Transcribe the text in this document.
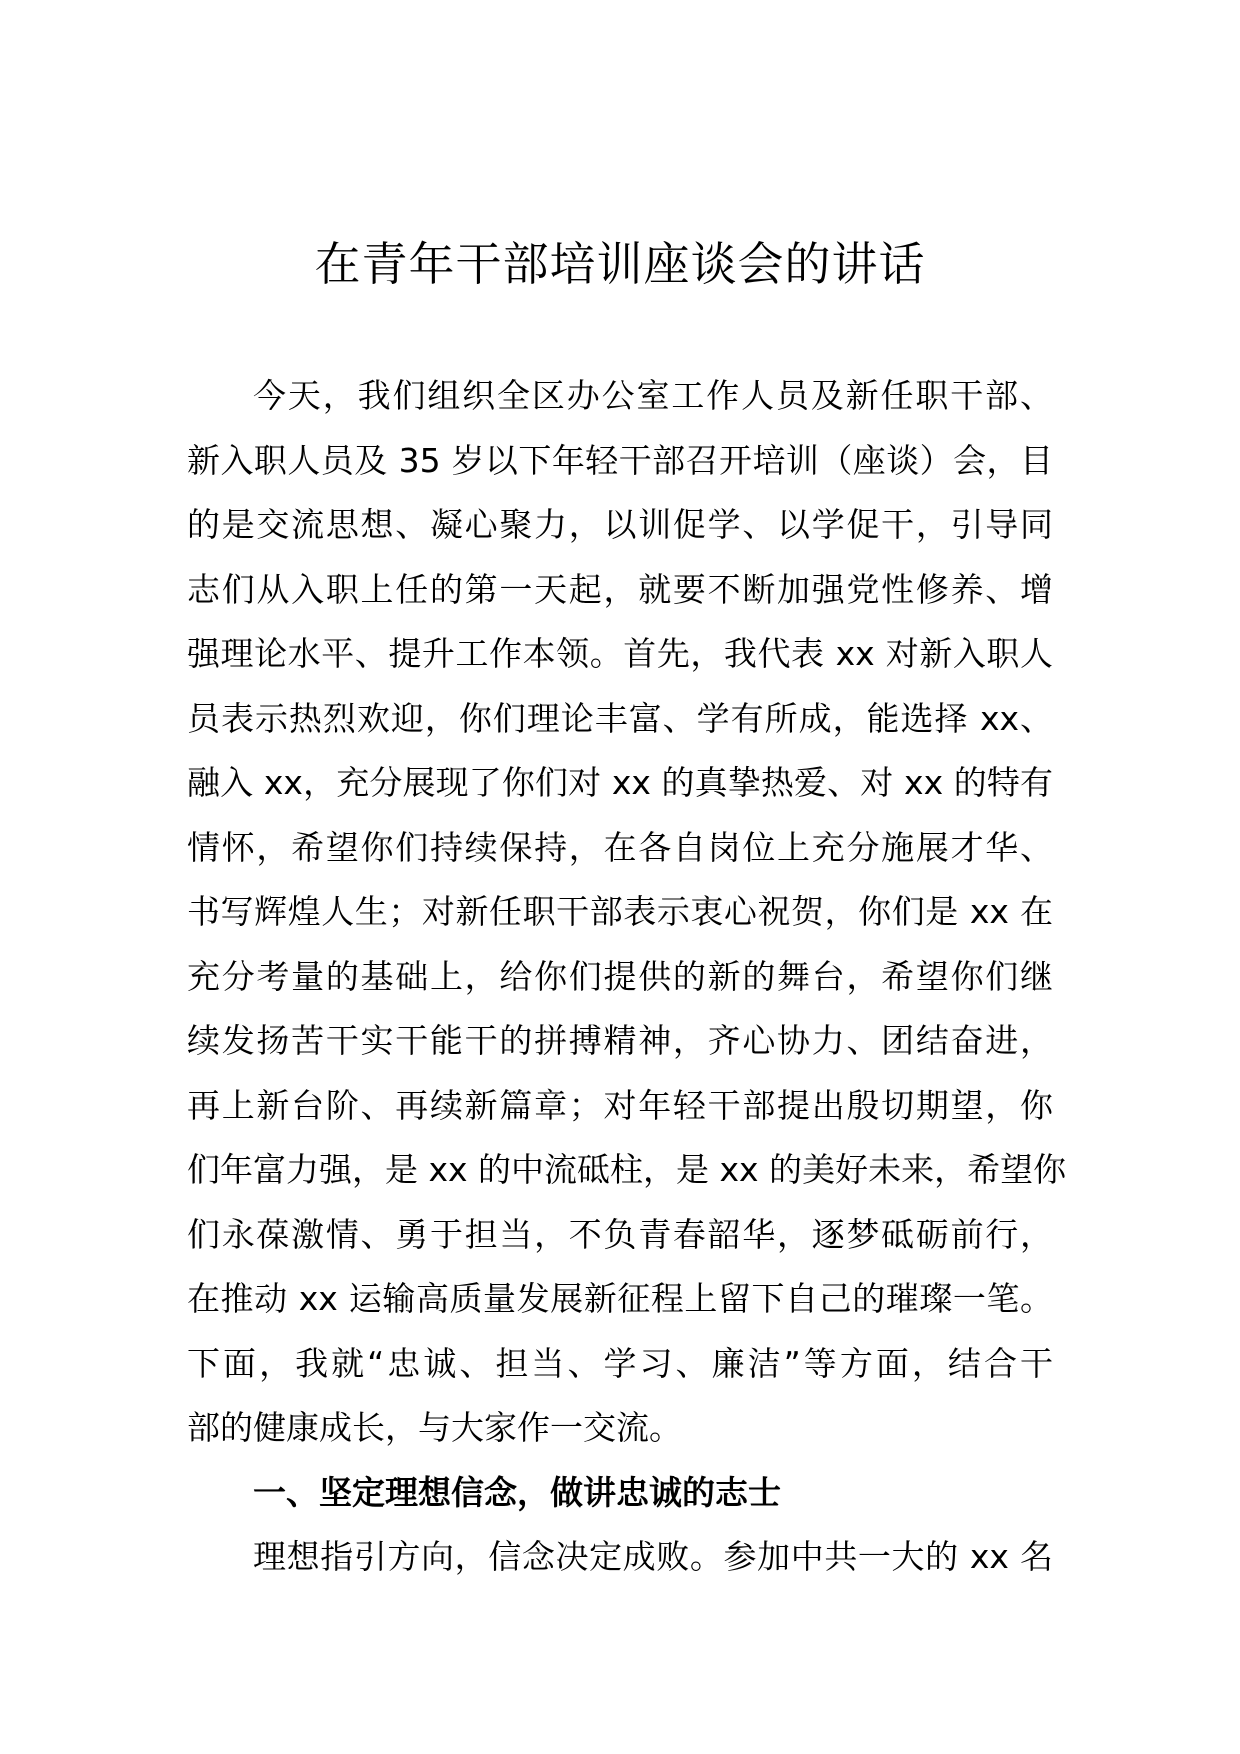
在青年干部培训座谈会的讲话
今天，我们组织全区办公室工作人员及新任职干部、
新入职人员及 35 岁以下年轻干部召开培训（座谈）会，目
的是交流思想、凝心聚力，以训促学、以学促干，引导同
志们从入职上任的第一天起，就要不断加强党性修养、增
强理论水平、提升工作本领。首先，我代表 xx 对新入职人
员表示热烈欢迎，你们理论丰富、学有所成，能选择 xx、
融入 xx，充分展现了你们对 xx 的真挚热爱、对 xx 的特有
情怀，希望你们持续保持，在各自岗位上充分施展才华、
书写辉煌人生；对新任职干部表示衷心祝贺，你们是 xx 在
充分考量的基础上，给你们提供的新的舞台，希望你们继
续发扬苦干实干能干的拼搏精神，齐心协力、团结奋进，
再上新台阶、再续新篇章；对年轻干部提出殷切期望，你
们年富力强，是 xx 的中流砥柱，是 xx 的美好未来，希望你
们永葆激情、勇于担当，不负青春韶华，逐梦砥砺前行，
在推动 xx 运输高质量发展新征程上留下自己的璀璨一笔。
下面，我就“忠诚、担当、学习、廉洁”等方面，结合干
部的健康成长，与大家作一交流。
一、坚定理想信念，做讲忠诚的志士
理想指引方向，信念决定成败。参加中共一大的 xx 名
